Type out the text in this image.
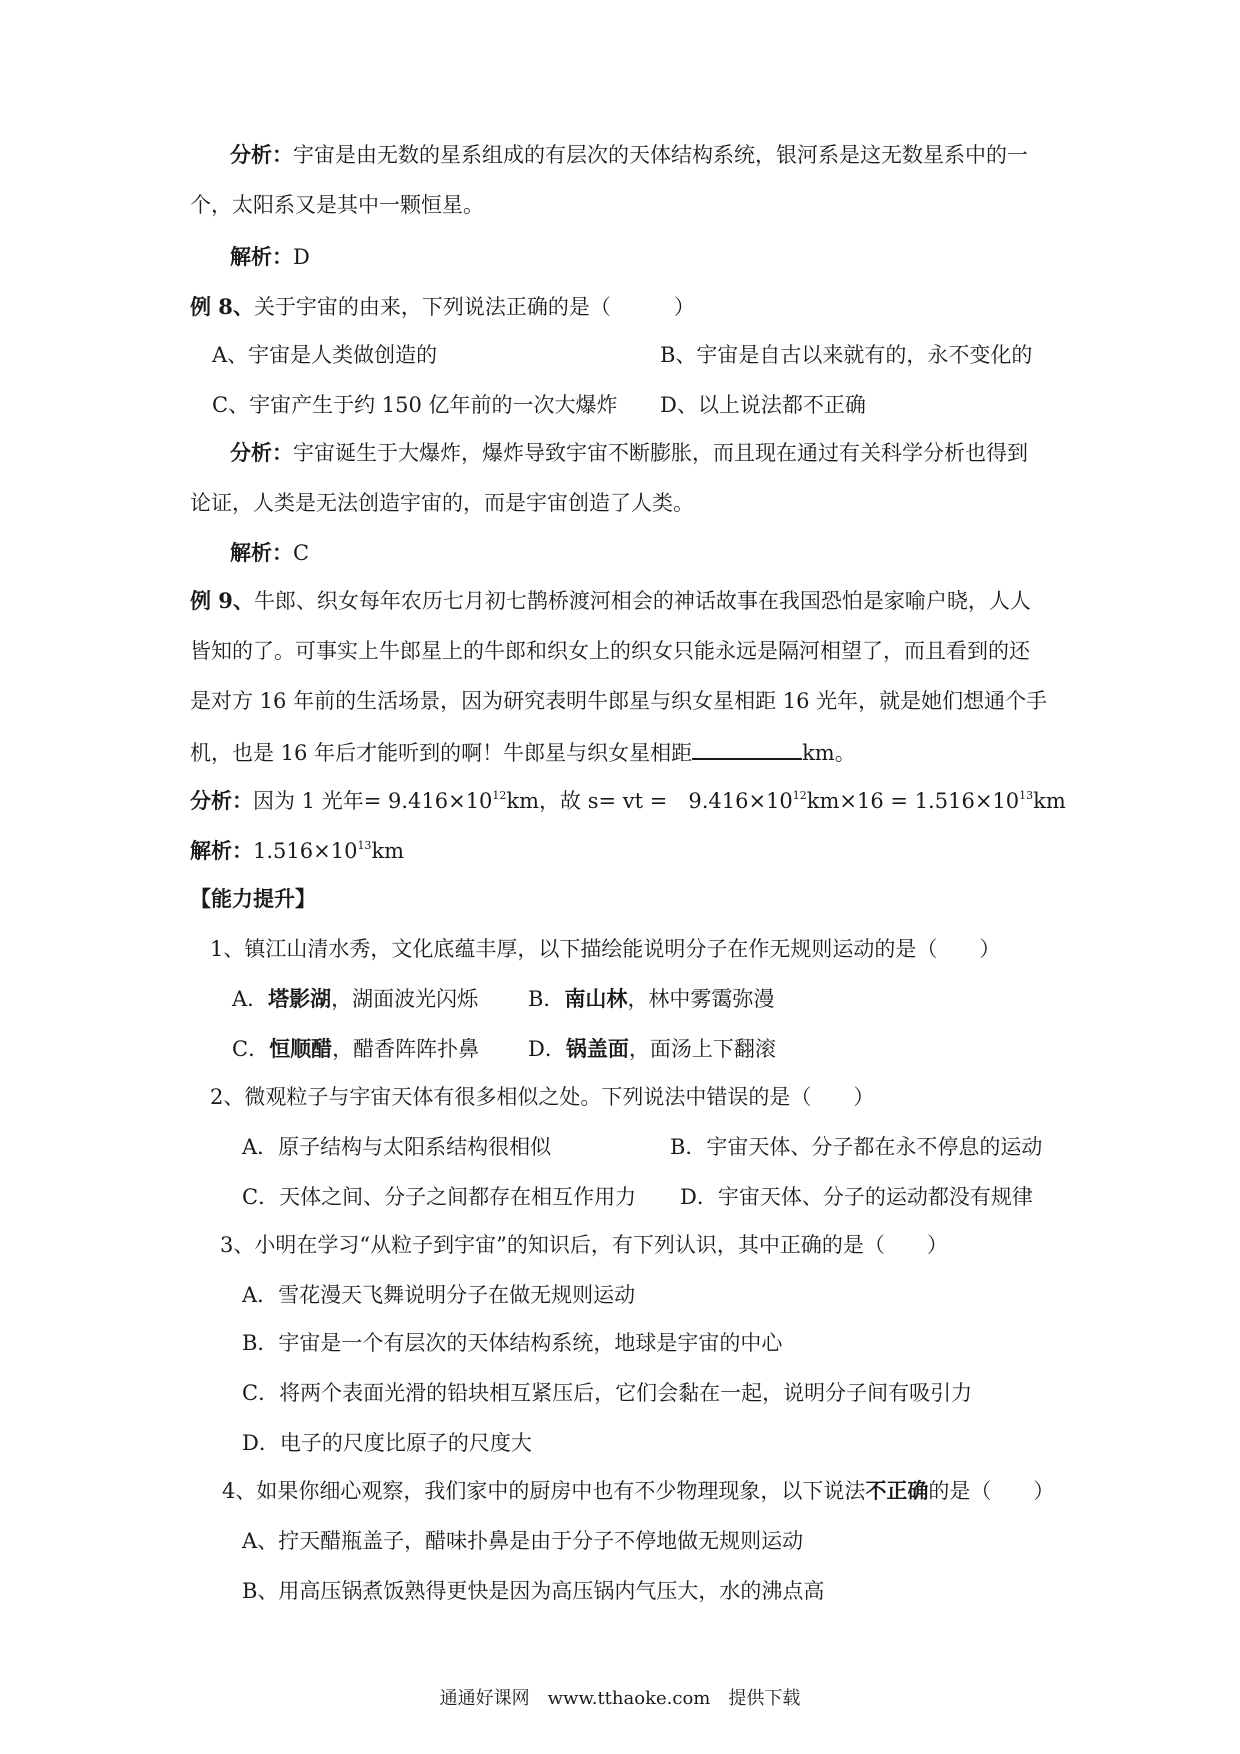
分析：宇宙是由无数的星系组成的有层次的天体结构系统，银河系是这无数星系中的一
个，太阳系又是其中一颗恒星。
解析：D
例 8、关于宇宙的由来，下列说法正确的是（　　　）
A、宇宙是人类做创造的	B、宇宙是自古以来就有的，永不变化的
C、宇宙产生于约 150 亿年前的一次大爆炸 D、以上说法都不正确
分析：宇宙诞生于大爆炸，爆炸导致宇宙不断膨胀，而且现在通过有关科学分析也得到
论证，人类是无法创造宇宙的，而是宇宙创造了人类。
解析：C
例 9、牛郎、织女每年农历七月初七鹊桥渡河相会的神话故事在我国恐怕是家喻户晓，人人
皆知的了。可事实上牛郎星上的牛郎和织女上的织女只能永远是隔河相望了，而且看到的还
是对方 16 年前的生活场景，因为研究表明牛郎星与织女星相距 16 光年，就是她们想通个手
机，也是 16 年后才能听到的啊！牛郎星与织女星相距	km。
分析：因为 1 光年= $9.416\times 10^{12}km$，故 s= vt =　$9.416\times 10^{12}km\times 16 = 1.516\times 10^{13}km$
解析：$1.516\times 10^{13}km$
【能力提升】
1、镇江山清水秀，文化底蕴丰厚，以下描绘能说明分子在作无规则运动的是（　　）
A．塔影湖，湖面波光闪烁 B．南山林，林中雾霭弥漫
C．恒顺醋，醋香阵阵扑鼻 D．锅盖面，面汤上下翻滚
2、微观粒子与宇宙天体有很多相似之处。下列说法中错误的是（　　）
A．原子结构与太阳系结构很相似	B．宇宙天体、分子都在永不停息的运动
C．天体之间、分子之间都存在相互作用力 D．宇宙天体、分子的运动都没有规律
3、小明在学习“从粒子到宇宙”的知识后，有下列认识，其中正确的是（　　）
A．雪花漫天飞舞说明分子在做无规则运动
B．宇宙是一个有层次的天体结构系统，地球是宇宙的中心
C．将两个表面光滑的铅块相互紧压后，它们会黏在一起，说明分子间有吸引力
D．电子的尺度比原子的尺度大
4、如果你细心观察，我们家中的厨房中也有不少物理现象，以下说法不正确的是（　　）
A、拧天醋瓶盖子，醋味扑鼻是由于分子不停地做无规则运动
B、用高压锅煮饭熟得更快是因为高压锅内气压大，水的沸点高
通通好课网　www.tthaoke.com　提供下载
